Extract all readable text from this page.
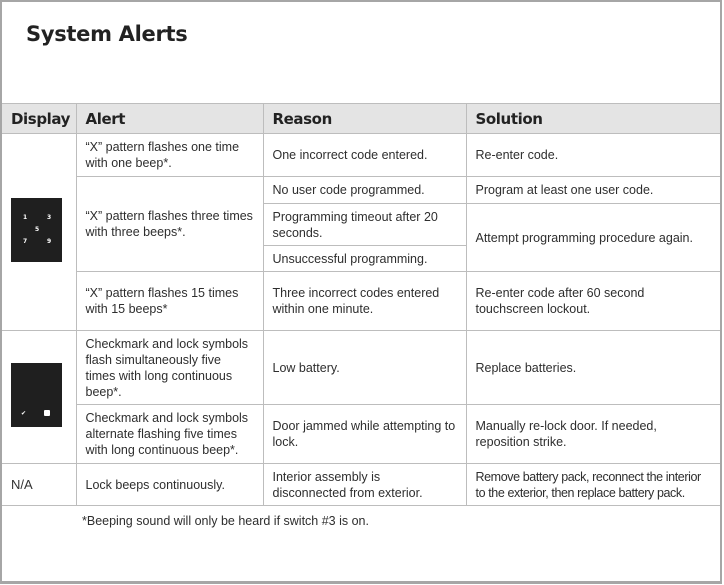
System Alerts
Display	Alert	Reason	Solution

1 3
5
7 9	“X” pattern flashes one time with one beep*.	One incorrect code entered.	Re-enter code.
	“X” pattern flashes three times with three beeps*.	No user code programmed.	Program at least one user code.
		Programming timeout after 20 seconds.	Attempt programming procedure again.
		Unsuccessful programming.	
	“X” pattern flashes 15 times with 15 beeps*	Three incorrect codes entered within one minute.	Re-enter code after 60 second touchscreen lockout.

✔	Checkmark and lock symbols flash simultaneously five times with long continuous beep*.	Low battery.	Replace batteries.
	Checkmark and lock symbols alternate flashing five times with long continuous beep*.	Door jammed while attempting to lock.	Manually re-lock door. If needed, reposition strike.
N/A	Lock beeps continuously.	Interior assembly is disconnected from exterior.	Remove battery pack, reconnect the interior to the exterior, then replace battery pack.
*Beeping sound will only be heard if switch #3 is on.
